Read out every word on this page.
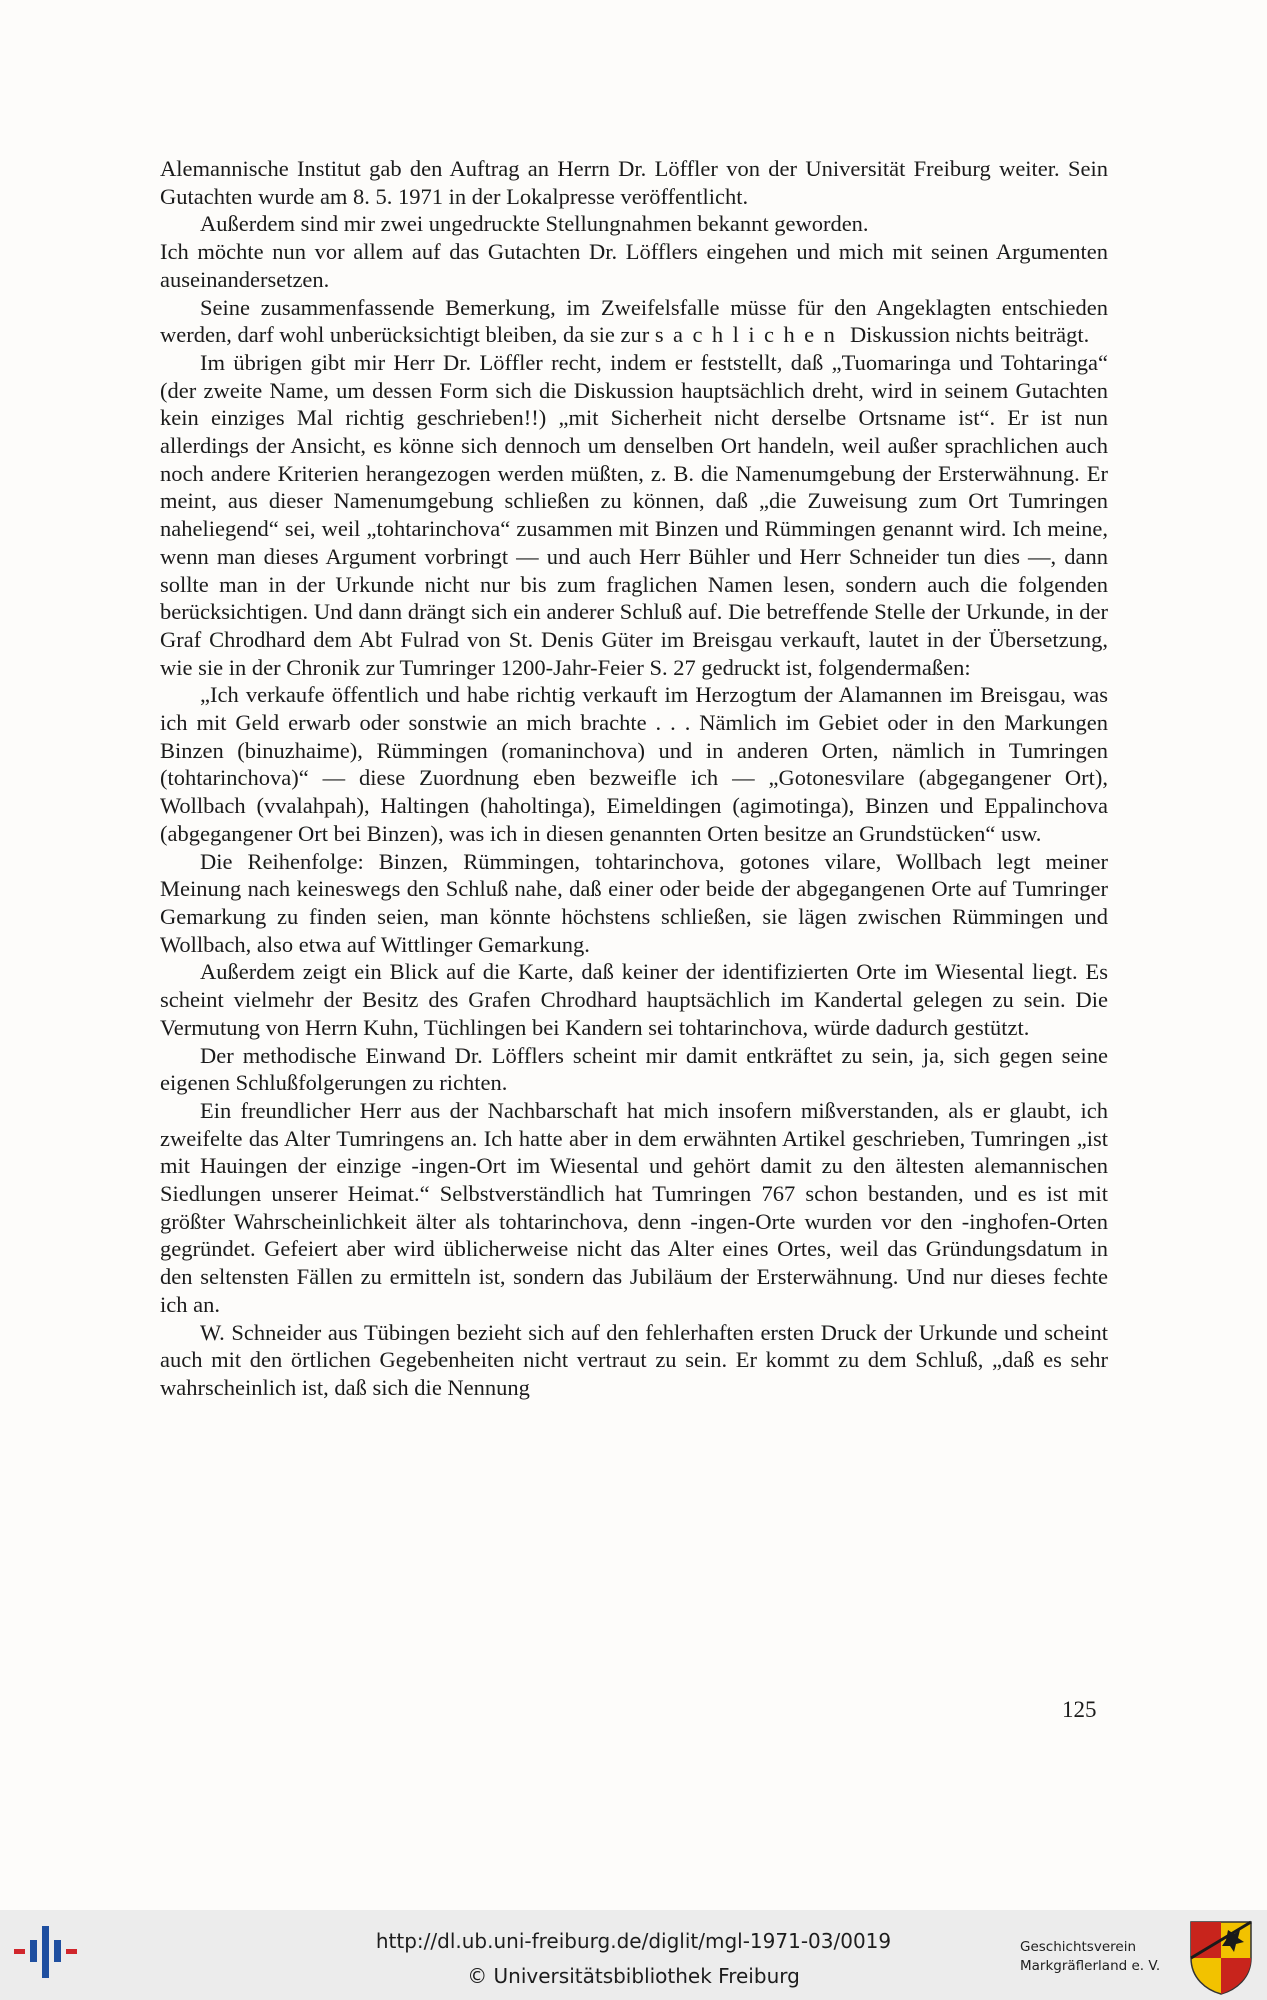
Alemannische Institut gab den Auftrag an Herrn Dr. Löffler von der Universität Freiburg weiter. Sein Gutachten wurde am 8. 5. 1971 in der Lokalpresse veröffentlicht.

Außerdem sind mir zwei ungedruckte Stellungnahmen bekannt geworden.

Ich möchte nun vor allem auf das Gutachten Dr. Löfflers eingehen und mich mit seinen Argumenten auseinandersetzen.

Seine zusammenfassende Bemerkung, im Zweifelsfalle müsse für den Angeklagten entschieden werden, darf wohl unberücksichtigt bleiben, da sie zur sachlichen Diskussion nichts beiträgt.

Im übrigen gibt mir Herr Dr. Löffler recht, indem er feststellt, daß „Tuomaringa und Tohtaringa“ (der zweite Name, um dessen Form sich die Diskussion hauptsächlich dreht, wird in seinem Gutachten kein einziges Mal richtig geschrieben!!) „mit Sicherheit nicht derselbe Ortsname ist“. Er ist nun allerdings der Ansicht, es könne sich dennoch um denselben Ort handeln, weil außer sprachlichen auch noch andere Kriterien herangezogen werden müßten, z. B. die Namenumgebung der Ersterwähnung. Er meint, aus dieser Namenumgebung schließen zu können, daß „die Zuweisung zum Ort Tumringen naheliegend“ sei, weil „tohtarinchova“ zusammen mit Binzen und Rümmingen genannt wird. Ich meine, wenn man dieses Argument vorbringt — und auch Herr Bühler und Herr Schneider tun dies —, dann sollte man in der Urkunde nicht nur bis zum fraglichen Namen lesen, sondern auch die folgenden berücksichtigen. Und dann drängt sich ein anderer Schluß auf. Die betreffende Stelle der Urkunde, in der Graf Chrodhard dem Abt Fulrad von St. Denis Güter im Breisgau verkauft, lautet in der Übersetzung, wie sie in der Chronik zur Tumringer 1200-Jahr-Feier S. 27 gedruckt ist, folgendermaßen:

„Ich verkaufe öffentlich und habe richtig verkauft im Herzogtum der Alamannen im Breisgau, was ich mit Geld erwarb oder sonstwie an mich brachte . . . Nämlich im Gebiet oder in den Markungen Binzen (binuzhaime), Rümmingen (romaninchova) und in anderen Orten, nämlich in Tumringen (tohtarinchova)“ — diese Zuordnung eben bezweifle ich — „Gotonesvilare (abgegangener Ort), Wollbach (vvalahpah), Haltingen (haholtinga), Eimeldingen (agimotinga), Binzen und Eppalinchova (abgegangener Ort bei Binzen), was ich in diesen genannten Orten besitze an Grundstücken“ usw.

Die Reihenfolge: Binzen, Rümmingen, tohtarinchova, gotones vilare, Wollbach legt meiner Meinung nach keineswegs den Schluß nahe, daß einer oder beide der abgegangenen Orte auf Tumringer Gemarkung zu finden seien, man könnte höchstens schließen, sie lägen zwischen Rümmingen und Wollbach, also etwa auf Wittlinger Gemarkung.

Außerdem zeigt ein Blick auf die Karte, daß keiner der identifizierten Orte im Wiesental liegt. Es scheint vielmehr der Besitz des Grafen Chrodhard hauptsächlich im Kandertal gelegen zu sein. Die Vermutung von Herrn Kuhn, Tüchlingen bei Kandern sei tohtarinchova, würde dadurch gestützt.

Der methodische Einwand Dr. Löfflers scheint mir damit entkräftet zu sein, ja, sich gegen seine eigenen Schlußfolgerungen zu richten.

Ein freundlicher Herr aus der Nachbarschaft hat mich insofern mißverstanden, als er glaubt, ich zweifelte das Alter Tumringens an. Ich hatte aber in dem erwähnten Artikel geschrieben, Tumringen „ist mit Hauingen der einzige -ingen-Ort im Wiesental und gehört damit zu den ältesten alemannischen Siedlungen unserer Heimat.“ Selbstverständlich hat Tumringen 767 schon bestanden, und es ist mit größter Wahrscheinlichkeit älter als tohtarinchova, denn -ingen-Orte wurden vor den -inghofen-Orten gegründet. Gefeiert aber wird üblicherweise nicht das Alter eines Ortes, weil das Gründungsdatum in den seltensten Fällen zu ermitteln ist, sondern das Jubiläum der Ersterwähnung. Und nur dieses fechte ich an.

W. Schneider aus Tübingen bezieht sich auf den fehlerhaften ersten Druck der Urkunde und scheint auch mit den örtlichen Gegebenheiten nicht vertraut zu sein. Er kommt zu dem Schluß, „daß es sehr wahrscheinlich ist, daß sich die Nennung

125
http://dl.ub.uni-freiburg.de/diglit/mgl-1971-03/0019
© Universitätsbibliothek Freiburg
Geschichtsverein
Markgräflerland e. V.
